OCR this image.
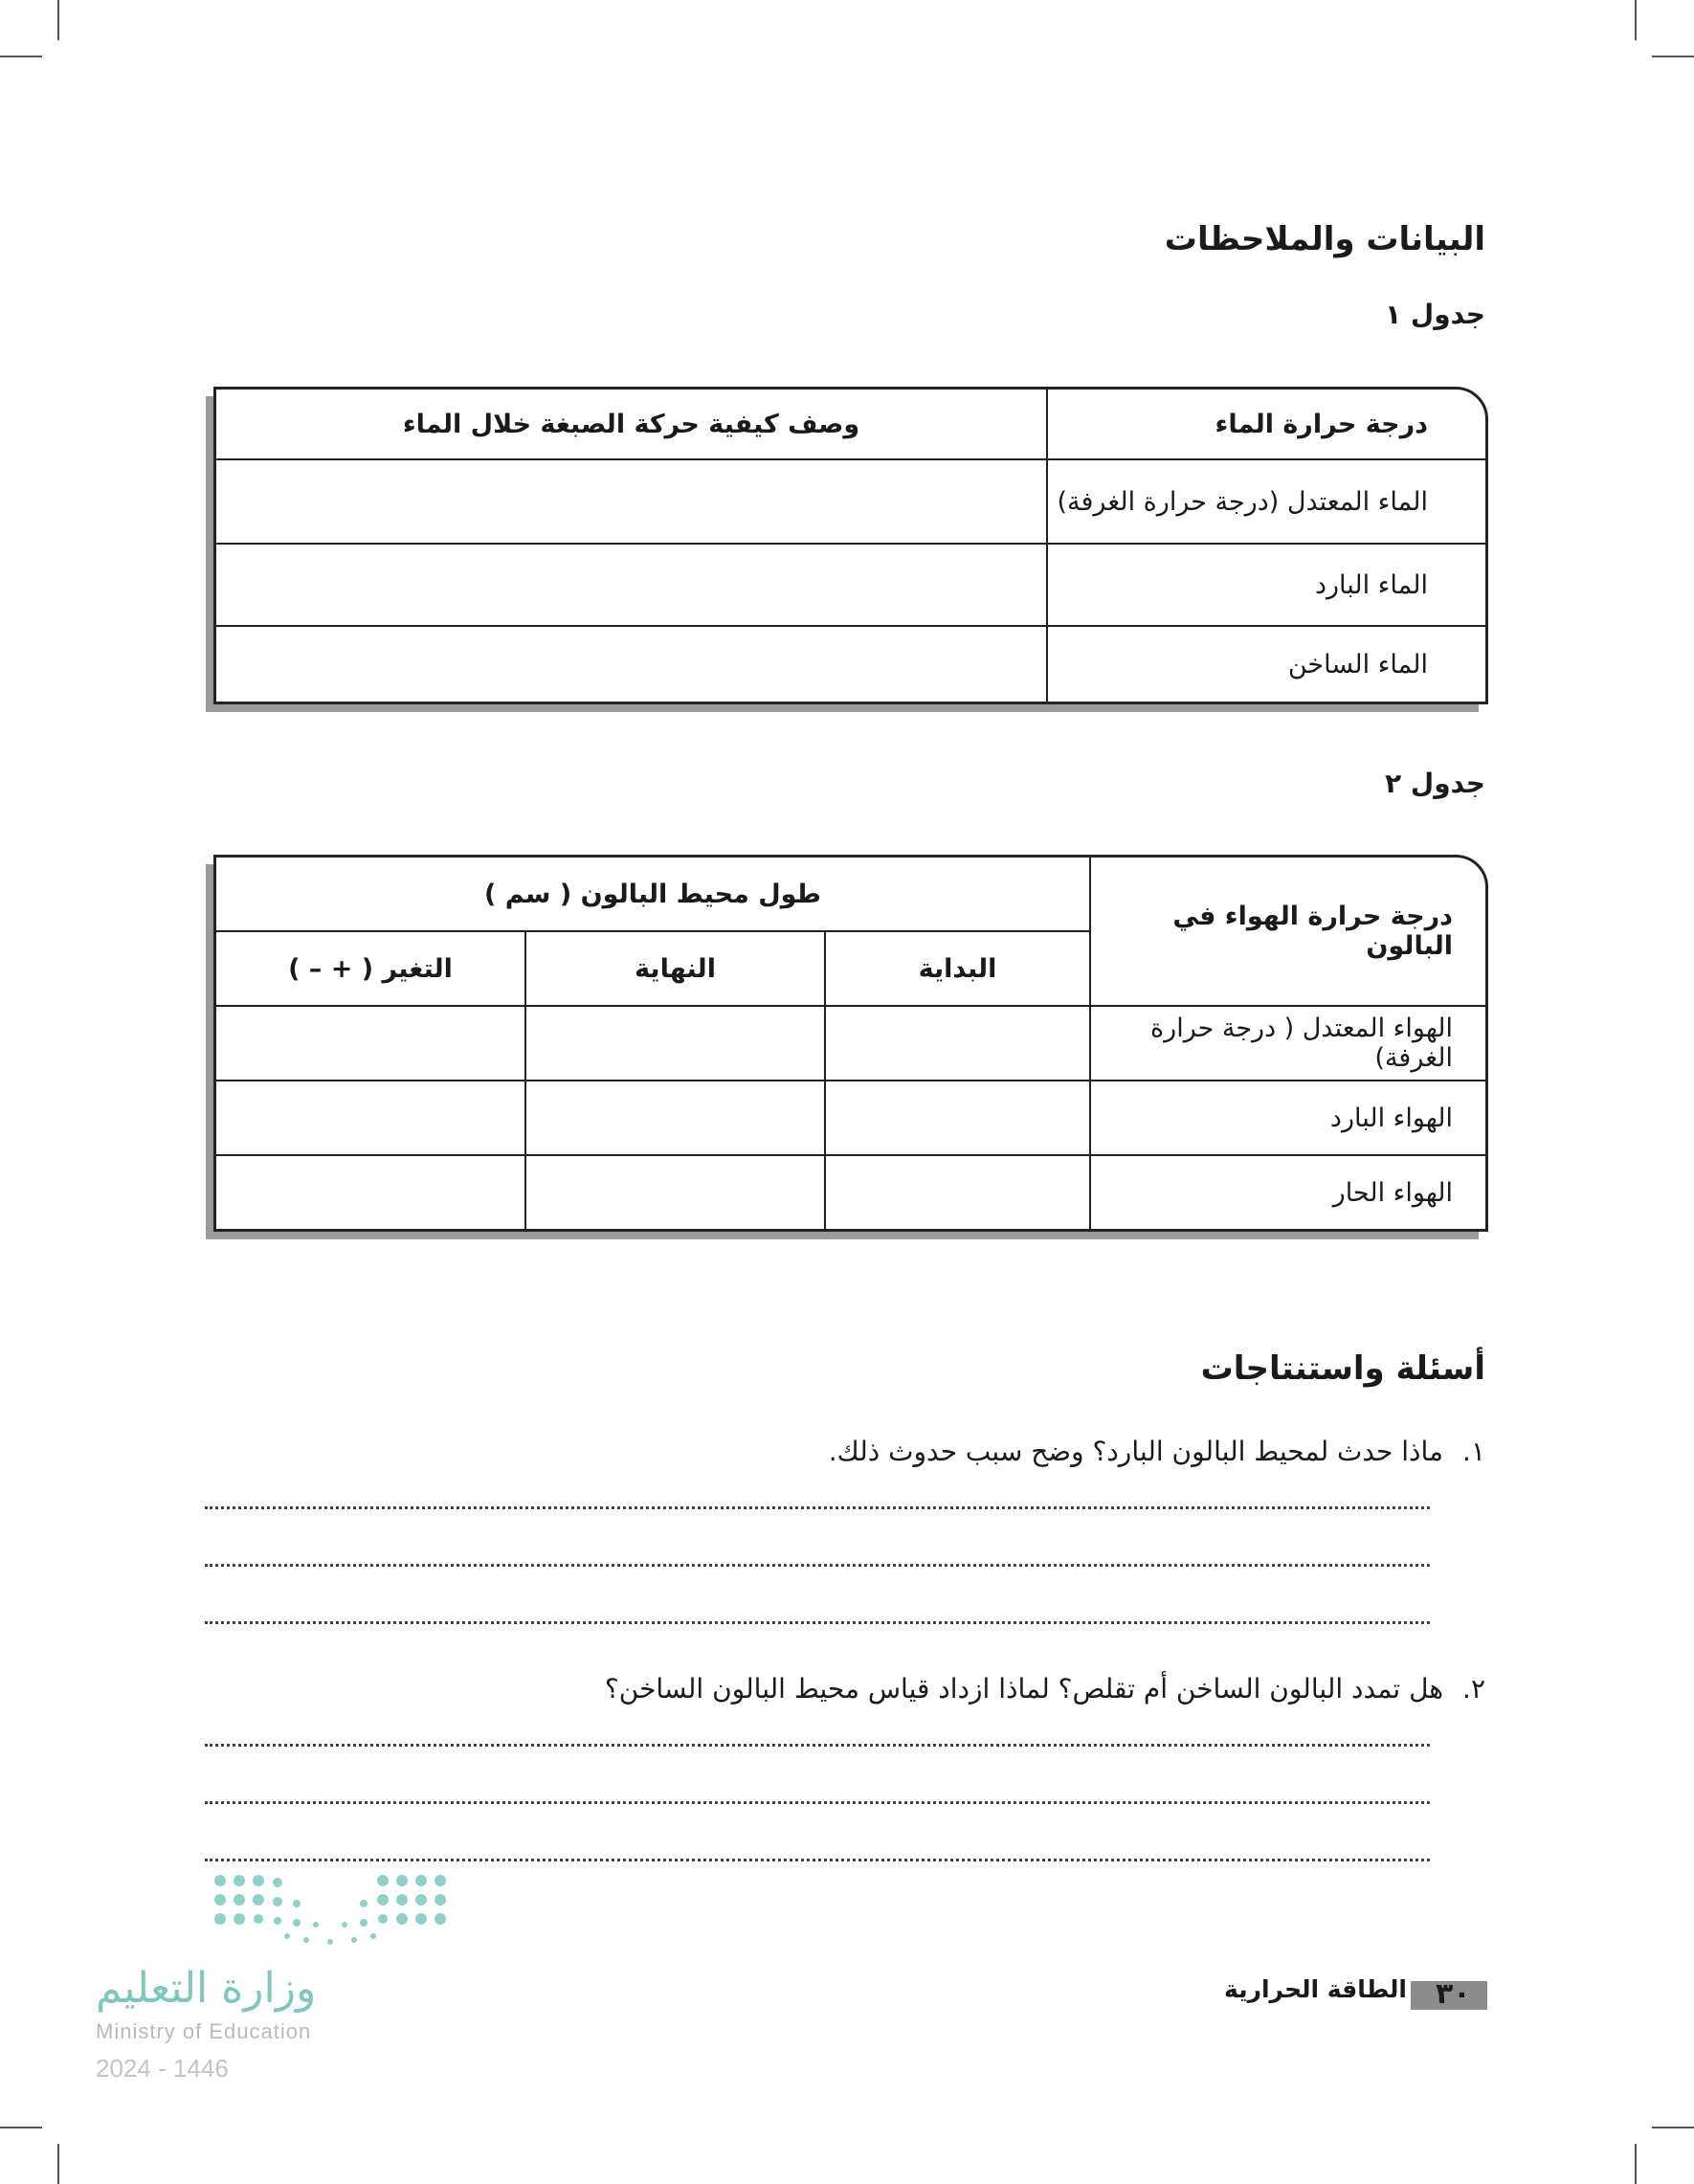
البيانات والملاحظات
جدول ١
درجة حرارة الماء
وصف كيفية حركة الصبغة خلال الماء
الماء المعتدل (درجة حرارة الغرفة)
الماء البارد
الماء الساخن
جدول ٢
درجة حرارة الهواء في البالون
طول محيط البالون ( سم )
البداية
النهاية
التغير ( + – )
الهواء المعتدل ( درجة حرارة الغرفة)
الهواء البارد
الهواء الحار
أسئلة واستنتاجات
١.
ماذا حدث لمحيط البالون البارد؟ وضح سبب حدوث ذلك.
٢.
هل تمدد البالون الساخن أم تقلص؟ لماذا ازداد قياس محيط البالون الساخن؟
وزارة التعليم
Ministry of Education
2024 - 1446
الطاقة الحرارية ٣٠
